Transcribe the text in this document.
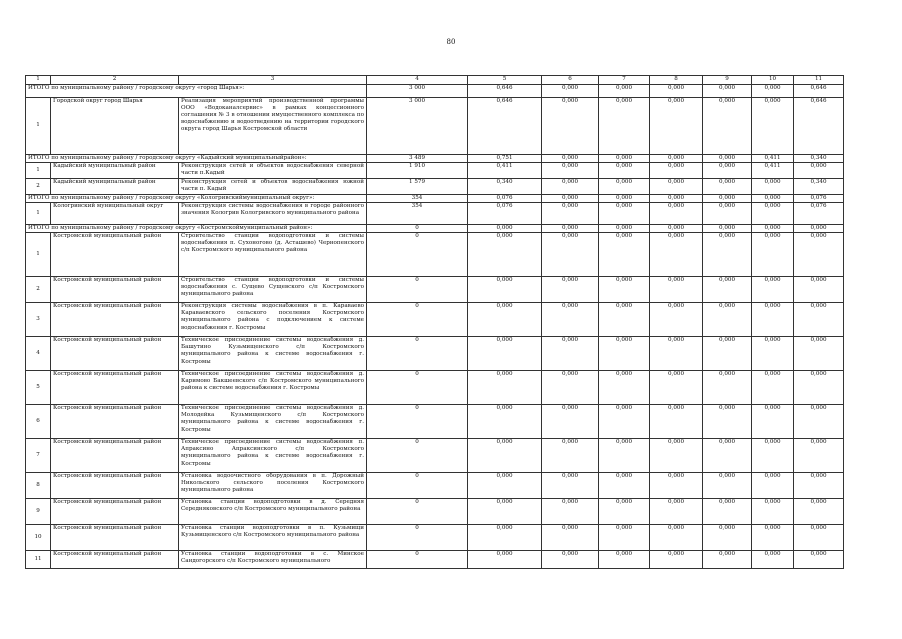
80
1	2	3	4	5	6	7	8	9	10	11
ИТОГО по муниципальному району / городскому округу «город Шарья»:			3 000	0,646	0,000	0,000	0,000	0,000	0,000	0,646
1	Городской округ город Шарья	Реализация мероприятий производственной программы ООО «Водоканалсервис» в рамках концессионного соглашения № 3 в отношении имущественного комплекса по водоснабжению и водоотведению на территории городского округа город Шарья Костромской области	3 000	0,646	0,000	0,000	0,000	0,000	0,000	0,646
ИТОГО по муниципальному району / городскому округу «Кадыйский муниципальныйрайон»:			3 489	0,751	0,000	0,000	0,000	0,000	0,411	0,340
1	Кадыйский муниципальный район	Реконструкция сетей и объектов водоснабжения северной части п.Кадый	1 910	0,411	0,000	0,000	0,000	0,000	0,411	0,000
2	Кадыйский муниципальный район	Реконструкция сетей и объектов водоснабжения южной части п. Кадый	1 579	0,340	0,000	0,000	0,000	0,000	0,000	0,340
ИТОГО по муниципальному району / городскому округу «Кологривскиймуниципальный округ»:			354	0,076	0,000	0,000	0,000	0,000	0,000	0,076
1	Кологривский муниципальный округ	Реконструкция системы водоснабжения в городе районного значения Кологрив Кологривского муниципального района	354	0,076	0,000	0,000	0,000	0,000	0,000	0,076
ИТОГО по муниципальному району / городскому округу «Костромскоймуниципальный район»:			0	0,000	0,000	0,000	0,000	0,000	0,000	0,000
1	Костромской муниципальный район	Строительство станции водоподготовки и системы водоснабжения п. Сухоногово (д. Асташево) Чернопенского с/п Костромского муниципального района	0	0,000	0,000	0,000	0,000	0,000	0,000	0,000
2	Костромской муниципальный район	Строительство станции водоподготовки и системы водоснабжения с. Сущево Сущевского с/п Костромского муниципального района	0	0,000	0,000	0,000	0,000	0,000	0,000	0,000
3	Костромской муниципальный район	Реконструкция системы водоснабжения в п. Караваево Караваевского сельского поселения Костромского муниципального района с подключением к системе водоснабжения г. Костромы	0	0,000	0,000	0,000	0,000	0,000	0,000	0,000
4	Костромской муниципальный район	Техническое присоединение системы водоснабжения д. Башутино Кузьмищенского с/п Костромского муниципального района к системе водоснабжения г. Костромы	0	0,000	0,000	0,000	0,000	0,000	0,000	0,000
5	Костромской муниципальный район	Техническое присоединение системы водоснабжения д. Каримово Бакшеевского с/п Костромского муниципального района к системе водоснабжения г. Костромы	0	0,000	0,000	0,000	0,000	0,000	0,000	0,000
6	Костромской муниципальный район	Техническое присоединение системы водоснабжения д. Молодейка Кузьмищенского с/п Костромского муниципального района к системе водоснабжения г. Костромы	0	0,000	0,000	0,000	0,000	0,000	0,000	0,000
7	Костромской муниципальный район	Техническое присоединение системы водоснабжения п. Апраксино Апраксинского с/п Костромского муниципального района к системе водоснабжения г. Костромы	0	0,000	0,000	0,000	0,000	0,000	0,000	0,000
8	Костромской муниципальный район	Установка водоочистного оборудования в п. Дорожный Никольского сельского поселения Костромского муниципального района	0	0,000	0,000	0,000	0,000	0,000	0,000	0,000
9	Костромской муниципальный район	Установка станции водоподготовки в д. Середняя Середняковского с/п Костромского муниципального района	0	0,000	0,000	0,000	0,000	0,000	0,000	0,000
10	Костромской муниципальный район	Установка станции водоподготовки в п. Кузьмищи Кузьмищенского с/п Костромского муниципального района	0	0,000	0,000	0,000	0,000	0,000	0,000	0,000
11	Костромской муниципальный район	Установка станции водоподготовки в с. Минское Сандогорского с/п Костромского муниципального	0	0,000	0,000	0,000	0,000	0,000	0,000	0,000
